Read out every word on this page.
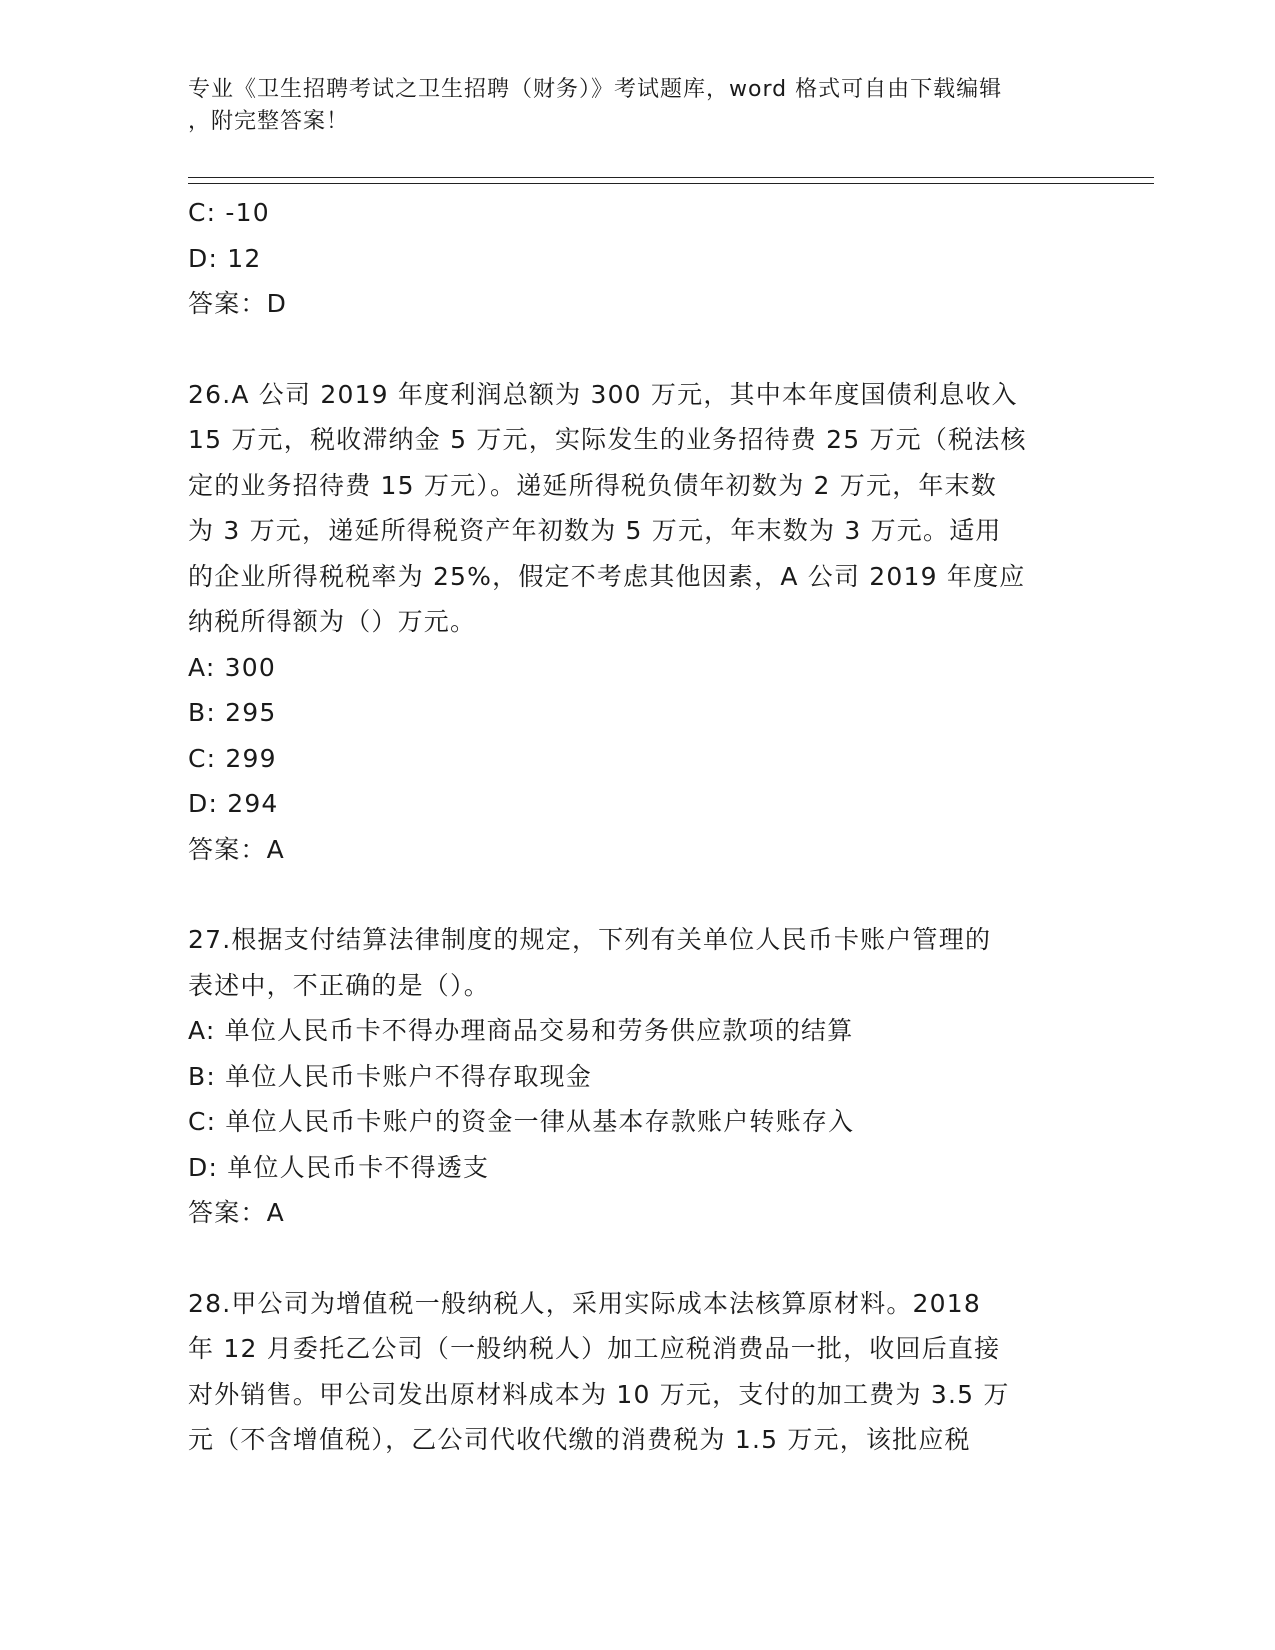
专业《卫生招聘考试之卫生招聘（财务）》考试题库，word 格式可自由下载编辑
，附完整答案！
C: -10
D: 12
答案：D
26.A 公司 2019 年度利润总额为 300 万元，其中本年度国债利息收入
15 万元，税收滞纳金 5 万元，实际发生的业务招待费 25 万元（税法核
定的业务招待费 15 万元）。递延所得税负债年初数为 2 万元，年末数
为 3 万元，递延所得税资产年初数为 5 万元，年末数为 3 万元。适用
的企业所得税税率为 25%，假定不考虑其他因素，A 公司 2019 年度应
纳税所得额为（）万元。
A: 300
B: 295
C: 299
D: 294
答案：A
27.根据支付结算法律制度的规定，下列有关单位人民币卡账户管理的
表述中，不正确的是（）。
A: 单位人民币卡不得办理商品交易和劳务供应款项的结算
B: 单位人民币卡账户不得存取现金
C: 单位人民币卡账户的资金一律从基本存款账户转账存入
D: 单位人民币卡不得透支
答案：A
28.甲公司为增值税一般纳税人，采用实际成本法核算原材料。2018
年 12 月委托乙公司（一般纳税人）加工应税消费品一批，收回后直接
对外销售。甲公司发出原材料成本为 10 万元，支付的加工费为 3.5 万
元（不含增值税），乙公司代收代缴的消费税为 1.5 万元，该批应税
